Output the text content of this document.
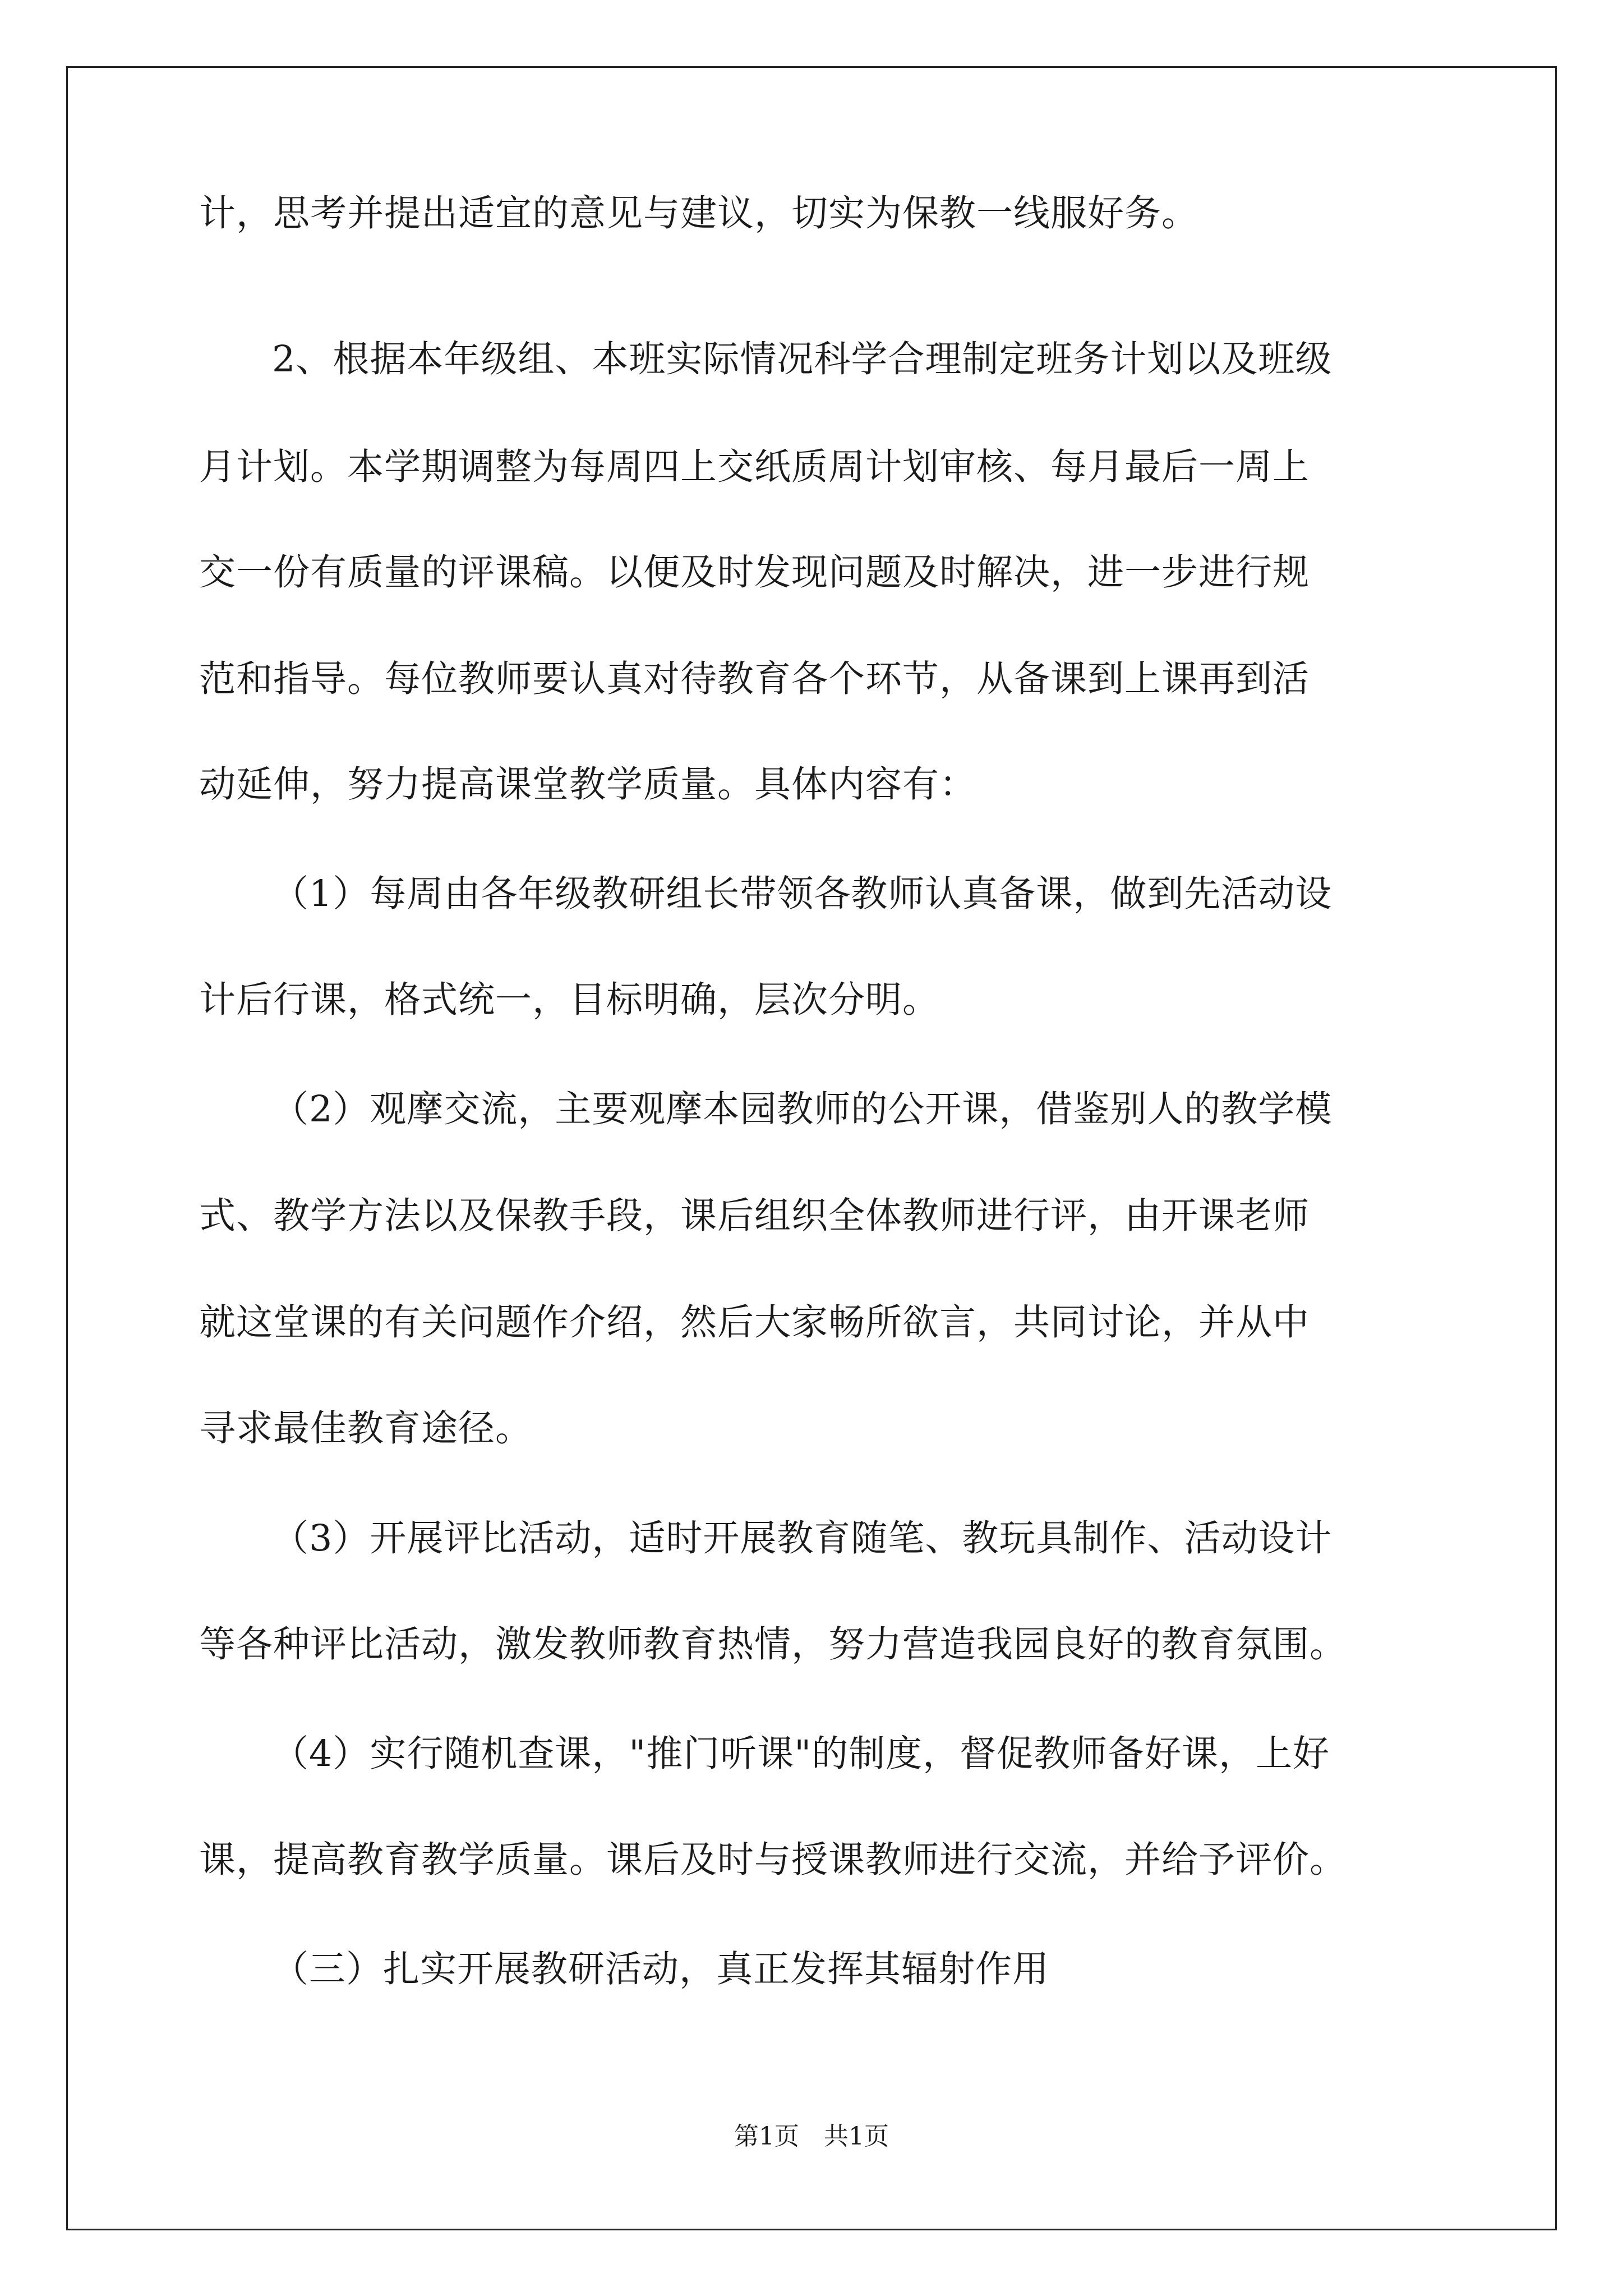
计，思考并提出适宜的意见与建议，切实为保教一线服好务。
2、根据本年级组、本班实际情况科学合理制定班务计划以及班级
月计划。本学期调整为每周四上交纸质周计划审核、每月最后一周上
交一份有质量的评课稿。以便及时发现问题及时解决，进一步进行规
范和指导。每位教师要认真对待教育各个环节，从备课到上课再到活
动延伸，努力提高课堂教学质量。具体内容有：
（1）每周由各年级教研组长带领各教师认真备课，做到先活动设
计后行课，格式统一，目标明确，层次分明。
（2）观摩交流，主要观摩本园教师的公开课，借鉴别人的教学模
式、教学方法以及保教手段，课后组织全体教师进行评，由开课老师
就这堂课的有关问题作介绍，然后大家畅所欲言，共同讨论，并从中
寻求最佳教育途径。
（3）开展评比活动，适时开展教育随笔、教玩具制作、活动设计
等各种评比活动，激发教师教育热情，努力营造我园良好的教育氛围。
（4）实行随机查课，"推门听课"的制度，督促教师备好课，上好
课，提高教育教学质量。课后及时与授课教师进行交流，并给予评价。
（三）扎实开展教研活动，真正发挥其辐射作用
第1页　共1页
